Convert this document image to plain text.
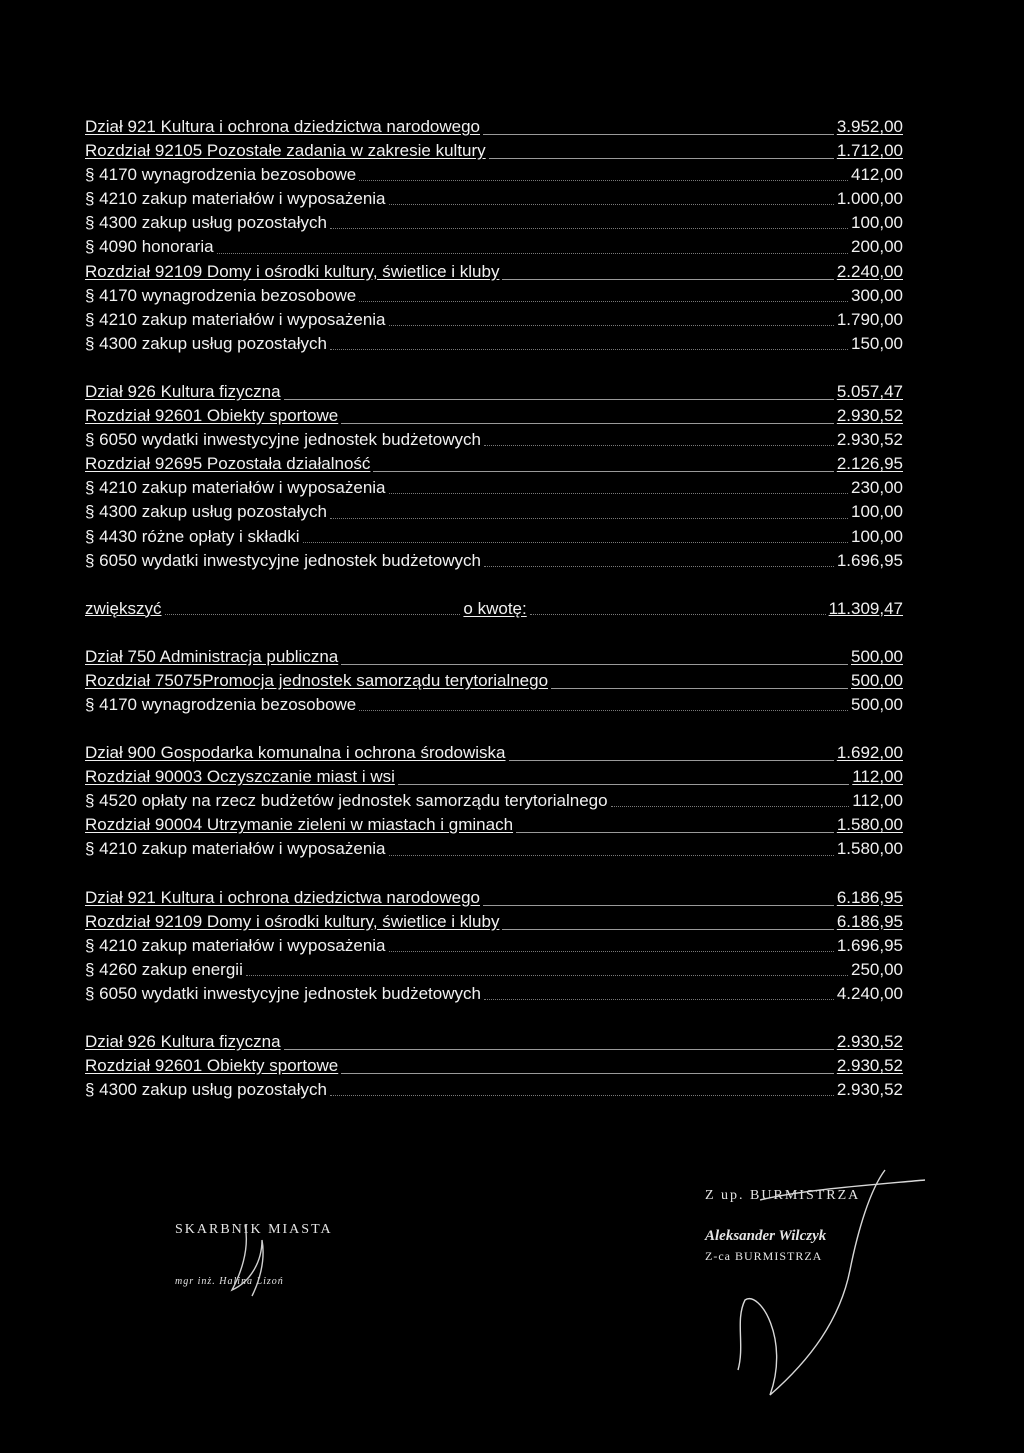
Dział 921 Kultura i ochrona dziedzictwa narodowego	3.952,00
Rozdział 92105 Pozostałe zadania w zakresie kultury	1.712,00
§ 4170 wynagrodzenia bezosobowe	412,00
§ 4210 zakup materiałów i wyposażenia	1.000,00
§ 4300 zakup usług pozostałych	100,00
§ 4090 honoraria	200,00
Rozdział 92109 Domy i ośrodki kultury, świetlice i kluby	2.240,00
§ 4170 wynagrodzenia bezosobowe	300,00
§ 4210 zakup materiałów i wyposażenia	1.790,00
§ 4300 zakup usług pozostałych	150,00
Dział 926 Kultura fizyczna	5.057,47
Rozdział 92601 Obiekty sportowe	2.930,52
§ 6050 wydatki inwestycyjne jednostek budżetowych	2.930,52
Rozdział 92695 Pozostała działalność	2.126,95
§ 4210 zakup materiałów i wyposażenia	230,00
§ 4300 zakup usług pozostałych	100,00
§ 4430 różne opłaty i składki	100,00
§ 6050 wydatki inwestycyjne jednostek budżetowych	1.696,95
zwiększyć	o kwotę:	11.309,47
Dział 750 Administracja publiczna	500,00
Rozdział 75075Promocja jednostek samorządu terytorialnego	500,00
§ 4170 wynagrodzenia bezosobowe	500,00
Dział 900 Gospodarka komunalna i ochrona środowiska	1.692,00
Rozdział 90003 Oczyszczanie miast i wsi	112,00
§ 4520 opłaty na rzecz budżetów jednostek samorządu terytorialnego	112,00
Rozdział 90004 Utrzymanie zieleni w miastach i gminach	1.580,00
§ 4210 zakup materiałów i wyposażenia	1.580,00
Dział 921 Kultura i ochrona dziedzictwa narodowego	6.186,95
Rozdział 92109 Domy i ośrodki kultury, świetlice i kluby	6.186,95
§ 4210 zakup materiałów i wyposażenia	1.696,95
§ 4260 zakup energii	250,00
§ 6050 wydatki inwestycyjne jednostek budżetowych	4.240,00
Dział 926 Kultura fizyczna	2.930,52
Rozdział 92601 Obiekty sportowe	2.930,52
§ 4300 zakup usług pozostałych	2.930,52
SKARBNIK MIASTA
mgr inż. Halina Lizoń
Z up. BURMISTRZA
Aleksander Wilczyk
Z-ca BURMISTRZA
